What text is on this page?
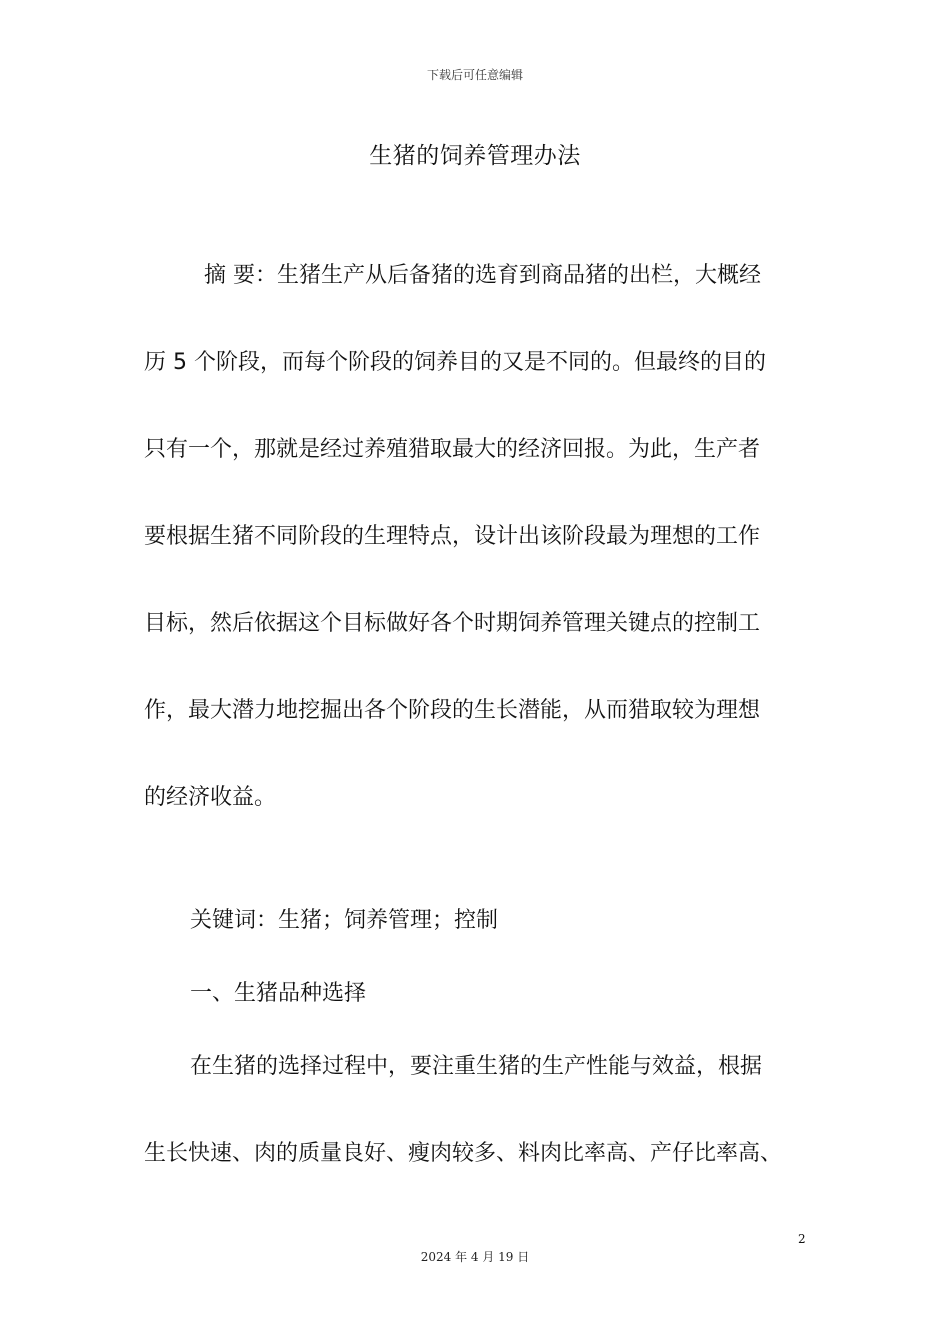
下载后可任意编辑
生猪的饲养管理办法
摘 要：生猪生产从后备猪的选育到商品猪的出栏，大概经
历 5 个阶段，而每个阶段的饲养目的又是不同的。但最终的目的
只有一个，那就是经过养殖猎取最大的经济回报。为此，生产者
要根据生猪不同阶段的生理特点，设计出该阶段最为理想的工作
目标，然后依据这个目标做好各个时期饲养管理关键点的控制工
作，最大潜力地挖掘出各个阶段的生长潜能，从而猎取较为理想
的经济收益。
关键词：生猪；饲养管理；控制
一、生猪品种选择
在生猪的选择过程中，要注重生猪的生产性能与效益，根据
生长快速、肉的质量良好、瘦肉较多、料肉比率高、产仔比率高、
2
2024 年 4 月 19 日
